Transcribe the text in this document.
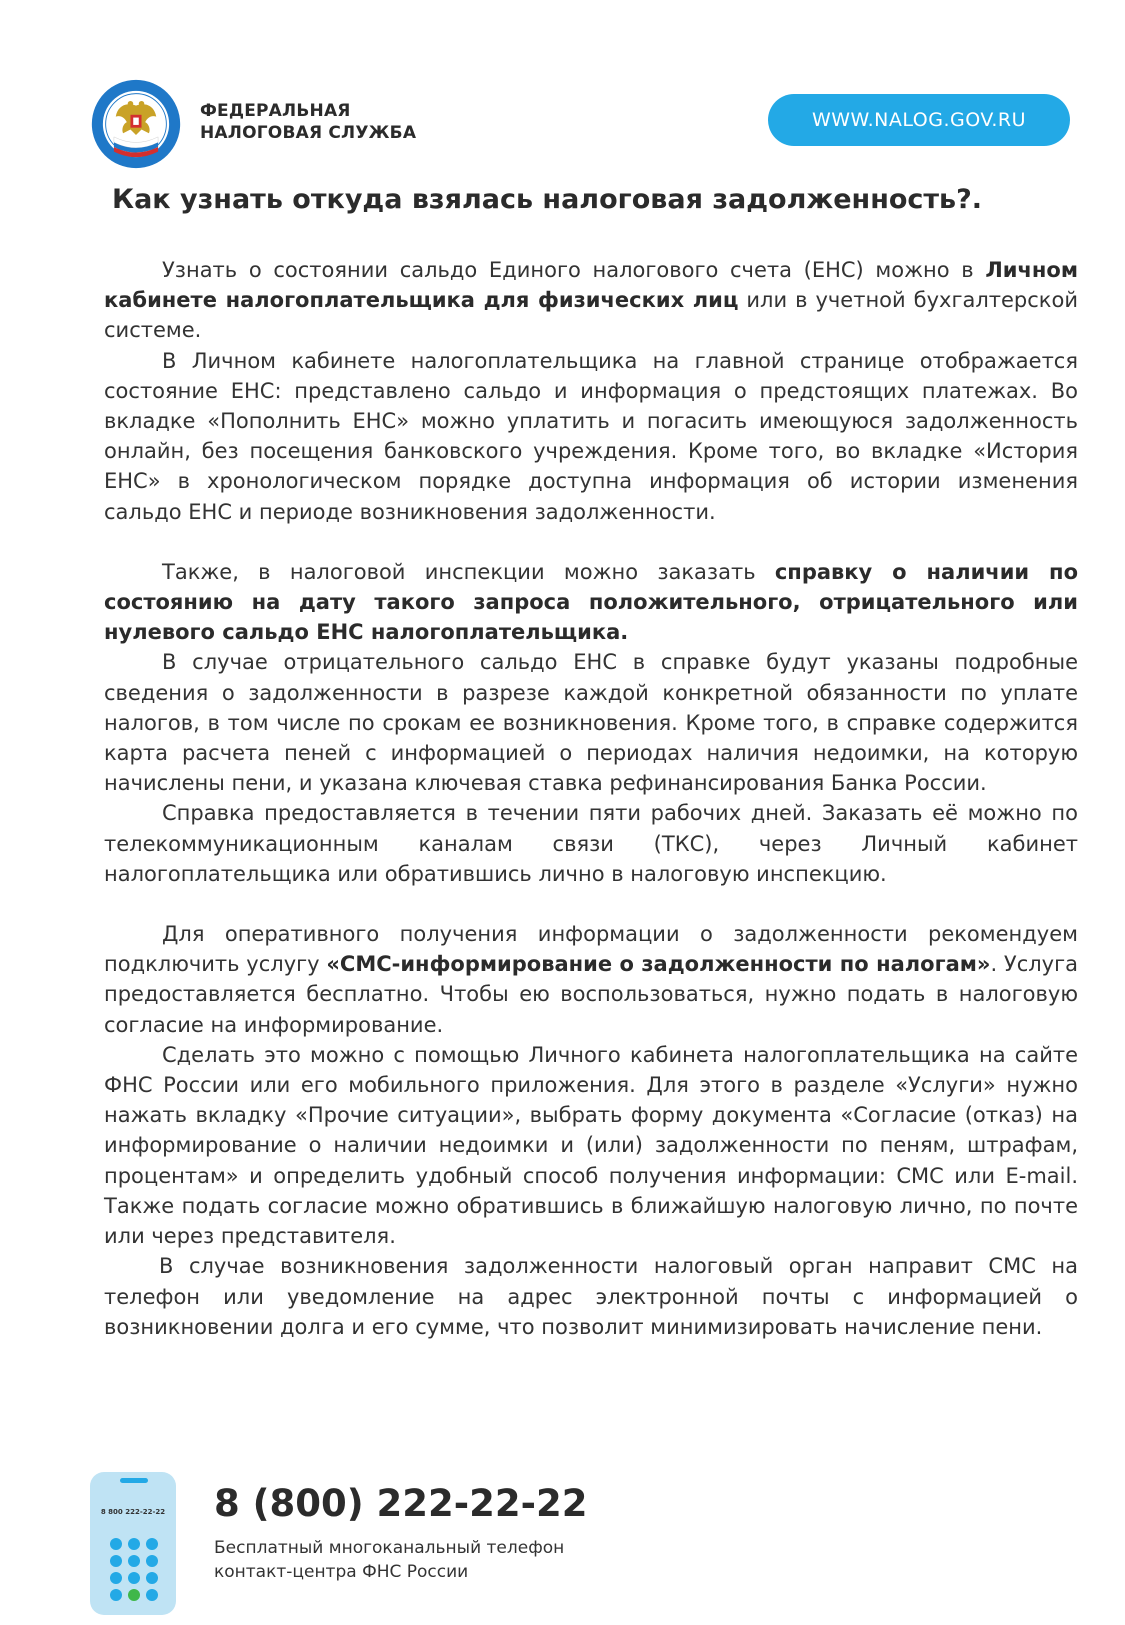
ФЕДЕРАЛЬНАЯ
НАЛОГОВАЯ СЛУЖБА
WWW.NALOG.GOV.RU
Как узнать откуда взялась налоговая задолженность?.

Узнать о состоянии сальдо Единого налогового счета (ЕНС) можно в Личном кабинете налогоплательщика для физических лиц или в учетной бухгалтерской системе.

В Личном кабинете налогоплательщика на главной странице отображается состояние ЕНС: представлено сальдо и информация о предстоящих платежах. Во вкладке «Пополнить ЕНС» можно уплатить и погасить имеющуюся задолженность онлайн, без посещения банковского учреждения. Кроме того, во вкладке «История ЕНС» в хронологическом порядке доступна информация об истории изменения сальдо ЕНС и периоде возникновения задолженности.

Также, в налоговой инспекции можно заказать справку о наличии по состоянию на дату такого запроса положительного, отрицательного или нулевого сальдо ЕНС налогоплательщика.

В случае отрицательного сальдо ЕНС в справке будут указаны подробные сведения о задолженности в разрезе каждой конкретной обязанности по уплате налогов, в том числе по срокам ее возникновения. Кроме того, в справке содержится карта расчета пеней с информацией о периодах наличия недоимки, на которую начислены пени, и указана ключевая ставка рефинансирования Банка России.

Справка предоставляется в течении пяти рабочих дней. Заказать её можно по телекоммуникационным каналам связи (ТКС), через Личный кабинет налогоплательщика или обратившись лично в налоговую инспекцию.

Для оперативного получения информации о задолженности рекомендуем подключить услугу «СМС-информирование о задолженности по налогам». Услуга предоставляется бесплатно. Чтобы ею воспользоваться, нужно подать в налоговую согласие на информирование.

Сделать это можно с помощью Личного кабинета налогоплательщика на сайте ФНС России или его мобильного приложения. Для этого в разделе «Услуги» нужно нажать вкладку «Прочие ситуации», выбрать форму документа «Согласие (отказ) на информирование о наличии недоимки и (или) задолженности по пеням, штрафам, процентам» и определить удобный способ получения информации: СМС или E-mail. Также подать согласие можно обратившись в ближайшую налоговую лично, по почте или через представителя.

В случае возникновения задолженности налоговый орган направит СМС на телефон или уведомление на адрес электронной почты с информацией о возникновении долга и его сумме, что позволит минимизировать начисление пени.

8 800 222-22-22 8 (800) 222-22-22
Бесплатный многоканальный телефон
контакт-центра ФНС России
